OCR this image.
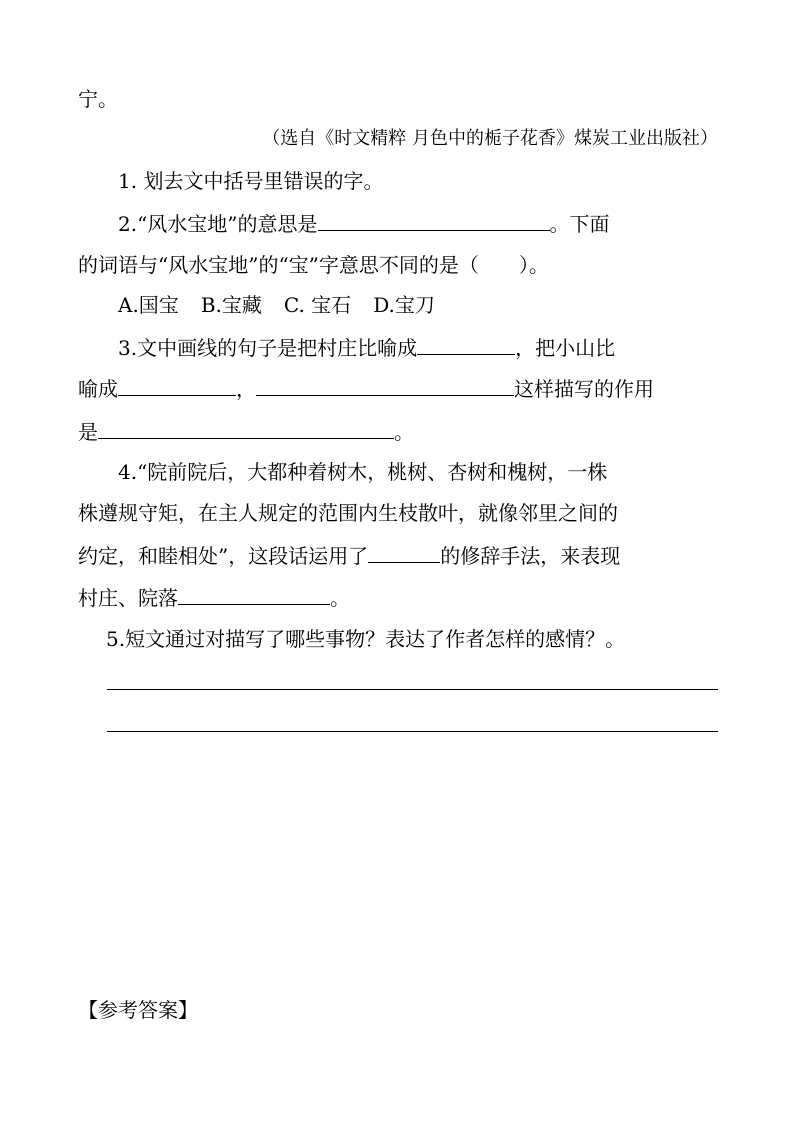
宁。
（选自《时文精粹 月色中的栀子花香》煤炭工业出版社）
1. 划去文中括号里错误的字。
2.“风水宝地”的意思是	。下面
的词语与“风水宝地”的“宝”字意思不同的是（　　）。
A.国宝 B.宝藏 C. 宝石 D.宝刀
3.文中画线的句子是把村庄比喻成	，把小山比
喻成	，	这样描写的作用
是	。
4.“院前院后，大都种着树木，桃树、杏树和槐树，一株
株遵规守矩，在主人规定的范围内生枝散叶，就像邻里之间的
约定，和睦相处”，这段话运用了	的修辞手法，来表现
村庄、院落	。
5.短文通过对描写了哪些事物？表达了作者怎样的感情？。
【参考答案】
